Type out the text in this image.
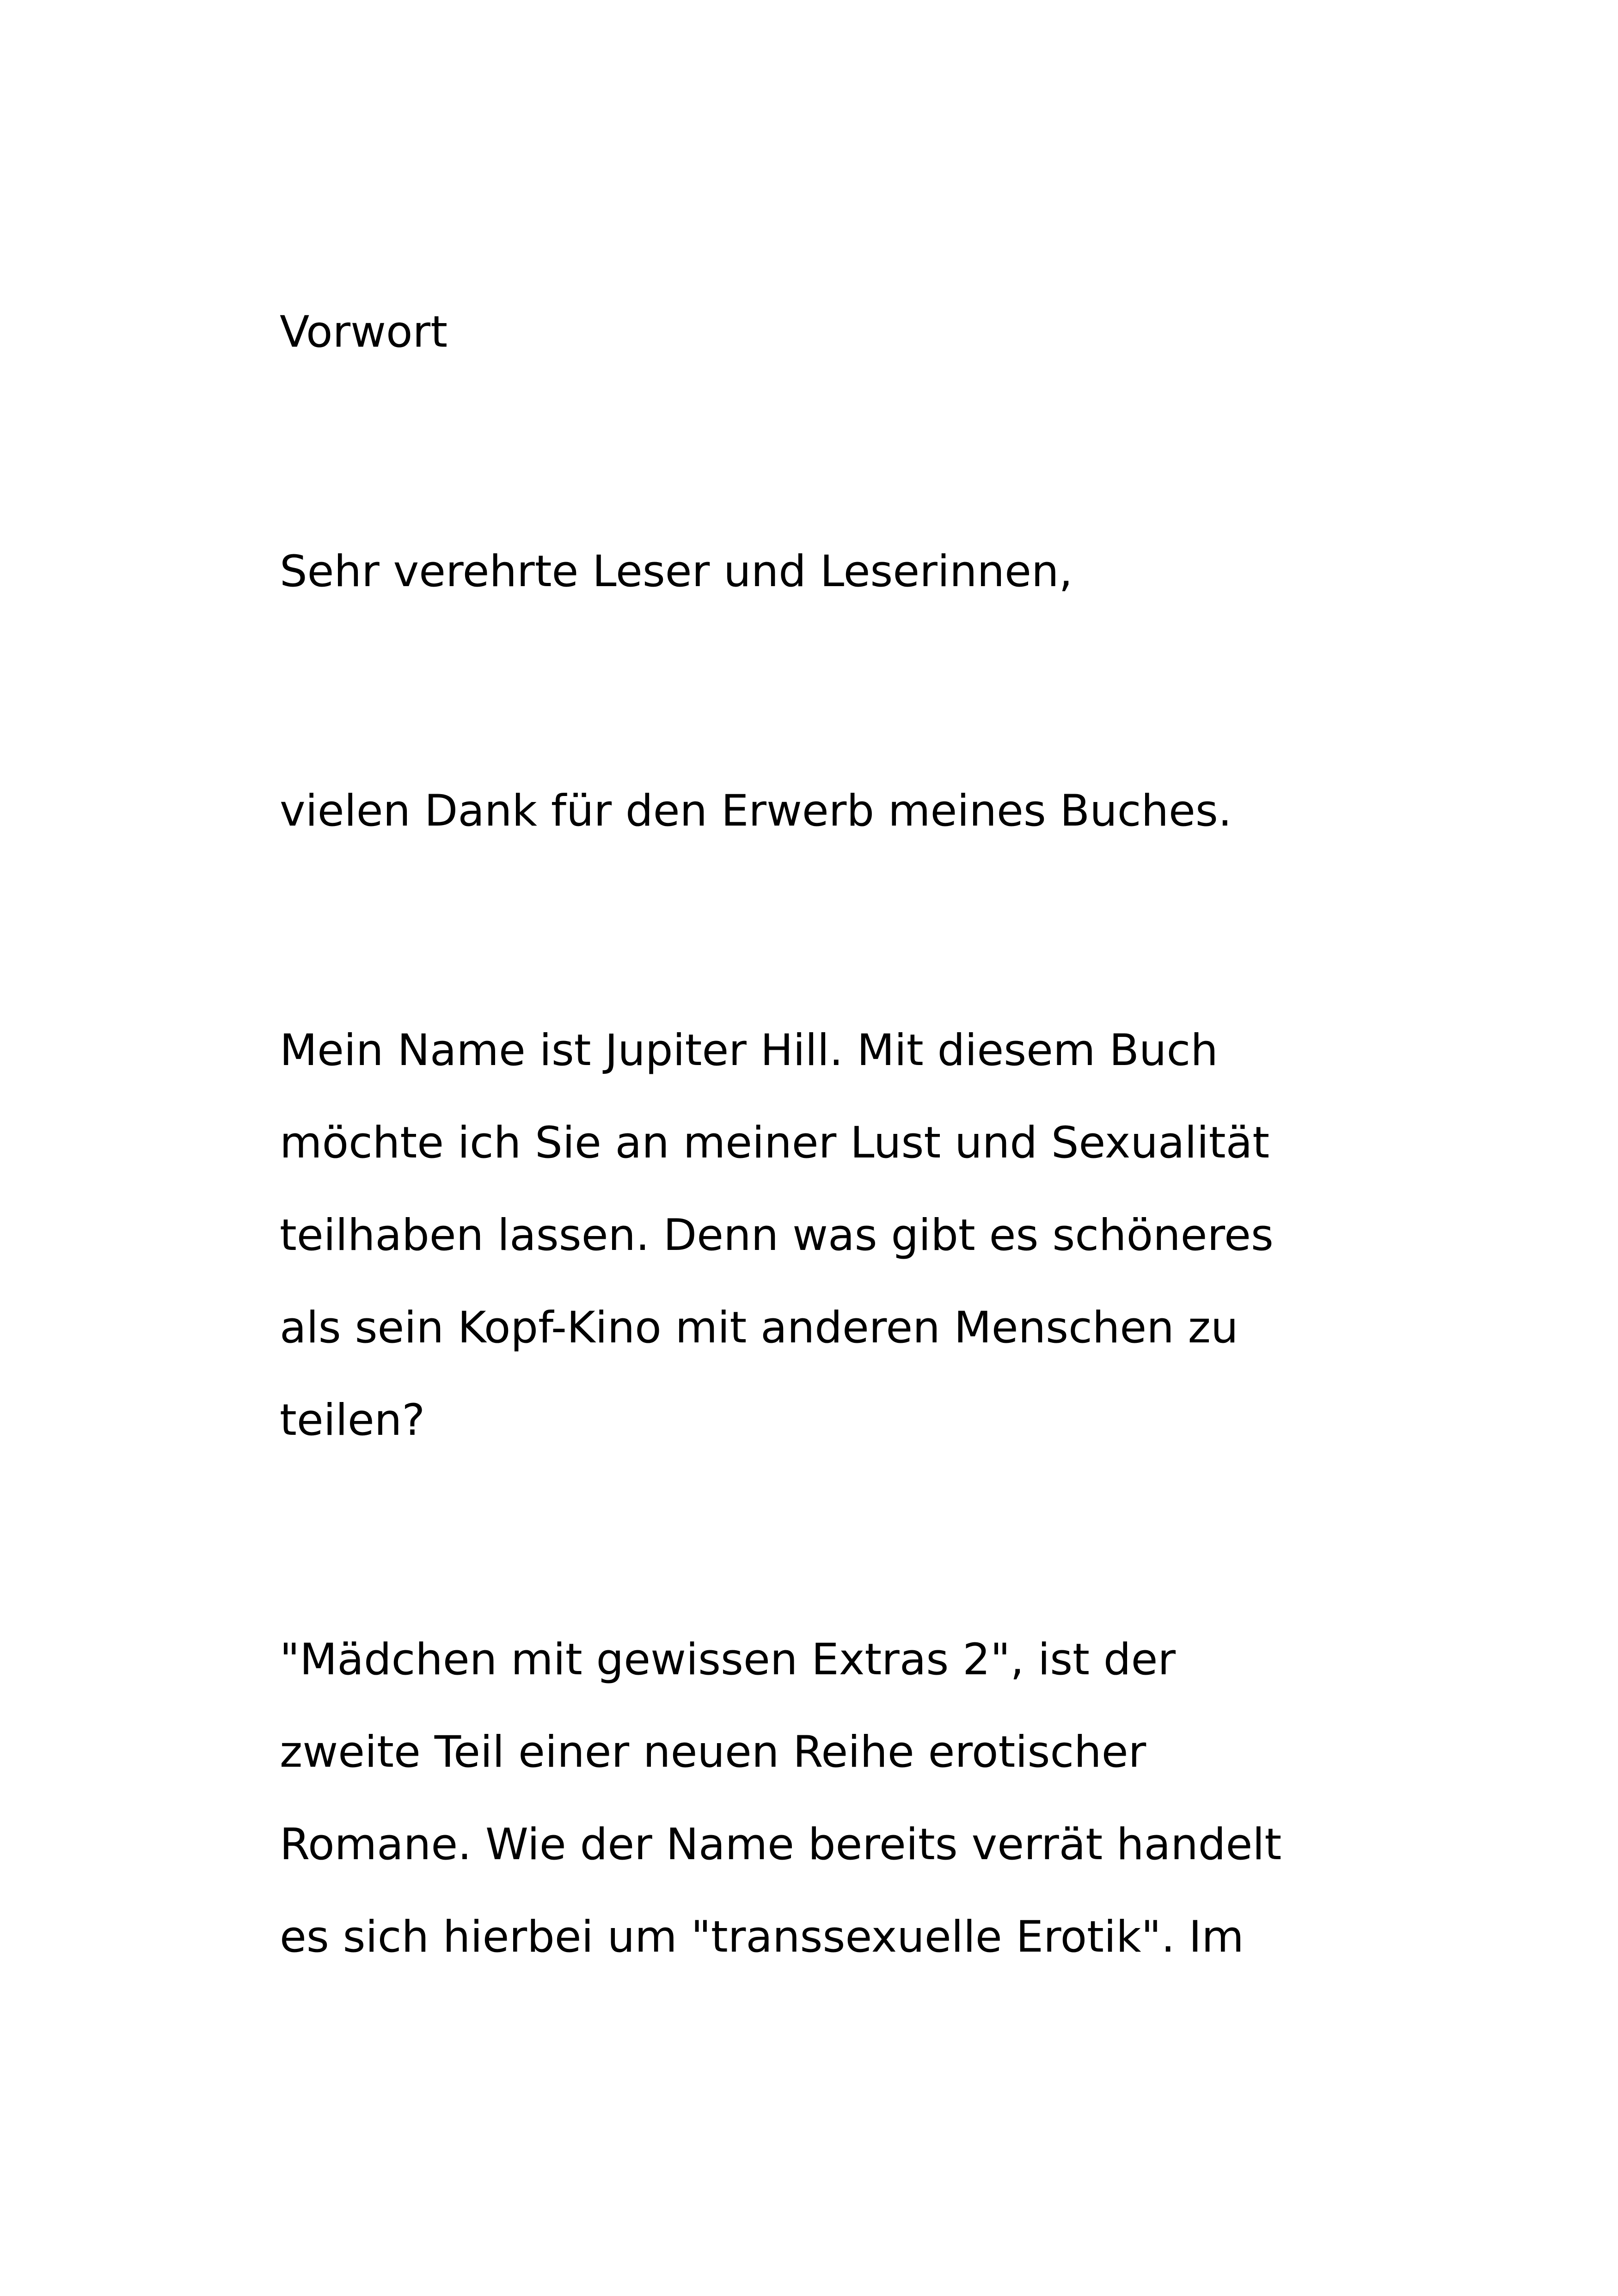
Vorwort

Sehr verehrte Leser und Leserinnen,

vielen Dank für den Erwerb meines Buches.

Mein Name ist Jupiter Hill. Mit diesem Buch

möchte ich Sie an meiner Lust und Sexualität

teilhaben lassen. Denn was gibt es schöneres

als sein Kopf-Kino mit anderen Menschen zu

teilen?

"Mädchen mit gewissen Extras 2", ist der

zweite Teil einer neuen Reihe erotischer

Romane. Wie der Name bereits verrät handelt

es sich hierbei um "transsexuelle Erotik". Im
